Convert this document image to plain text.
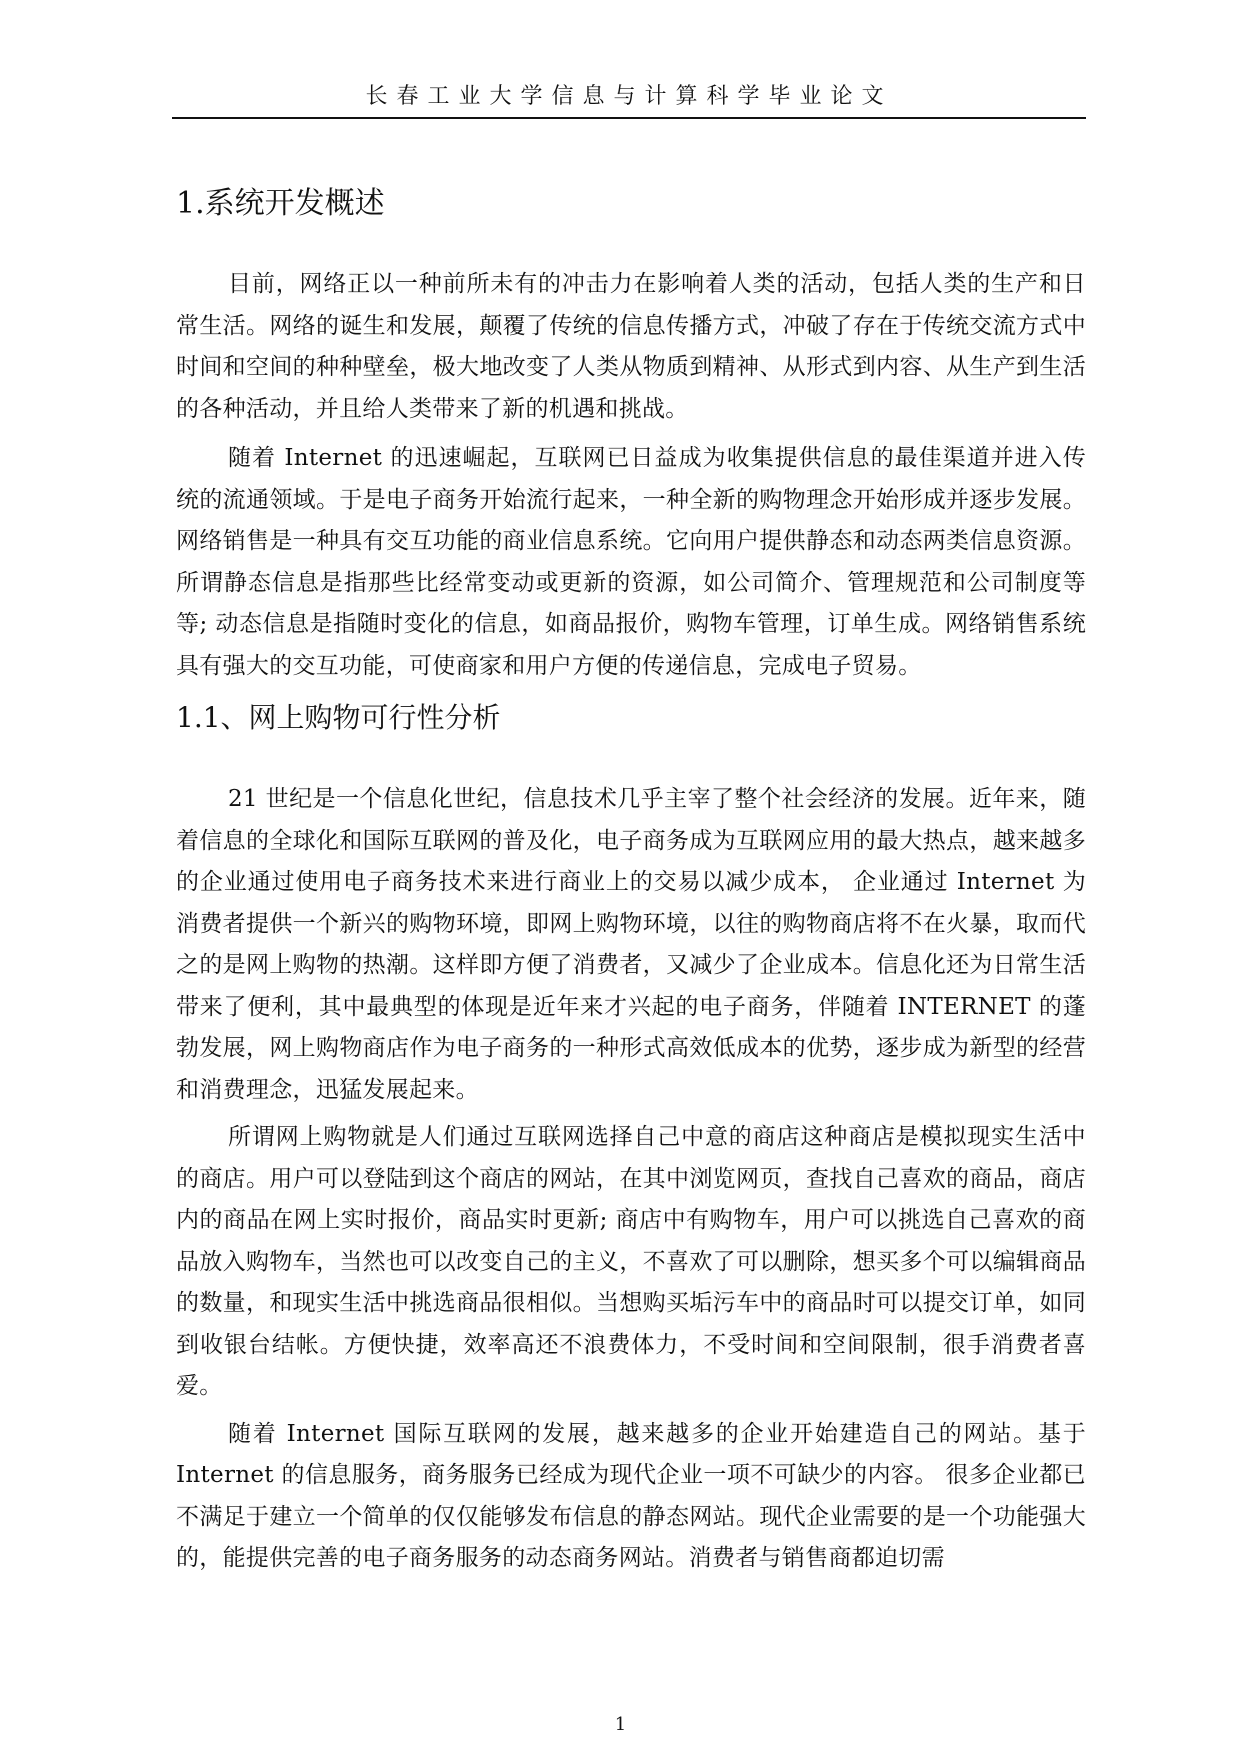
长春工业大学信息与计算科学毕业论文
1.系统开发概述

目前，网络正以一种前所未有的冲击力在影响着人类的活动，包括人类的生产和日常生活。网络的诞生和发展，颠覆了传统的信息传播方式，冲破了存在于传统交流方式中时间和空间的种种壁垒，极大地改变了人类从物质到精神、从形式到内容、从生产到生活的各种活动，并且给人类带来了新的机遇和挑战。

随着 Internet 的迅速崛起，互联网已日益成为收集提供信息的最佳渠道并进入传统的流通领域。于是电子商务开始流行起来，一种全新的购物理念开始形成并逐步发展。网络销售是一种具有交互功能的商业信息系统。它向用户提供静态和动态两类信息资源。所谓静态信息是指那些比经常变动或更新的资源，如公司简介、管理规范和公司制度等等; 动态信息是指随时变化的信息，如商品报价，购物车管理，订单生成。网络销售系统具有强大的交互功能，可使商家和用户方便的传递信息，完成电子贸易。

1.1、网上购物可行性分析

21 世纪是一个信息化世纪，信息技术几乎主宰了整个社会经济的发展。近年来，随着信息的全球化和国际互联网的普及化，电子商务成为互联网应用的最大热点，越来越多的企业通过使用电子商务技术来进行商业上的交易以减少成本， 企业通过 Internet 为消费者提供一个新兴的购物环境，即网上购物环境，以往的购物商店将不在火暴，取而代之的是网上购物的热潮。这样即方便了消费者，又减少了企业成本。信息化还为日常生活带来了便利，其中最典型的体现是近年来才兴起的电子商务，伴随着 INTERNET 的蓬勃发展，网上购物商店作为电子商务的一种形式高效低成本的优势，逐步成为新型的经营和消费理念，迅猛发展起来。

所谓网上购物就是人们通过互联网选择自己中意的商店这种商店是模拟现实生活中的商店。用户可以登陆到这个商店的网站，在其中浏览网页，查找自己喜欢的商品，商店内的商品在网上实时报价，商品实时更新; 商店中有购物车，用户可以挑选自己喜欢的商品放入购物车，当然也可以改变自己的主义，不喜欢了可以删除，想买多个可以编辑商品的数量，和现实生活中挑选商品很相似。当想购买垢污车中的商品时可以提交订单，如同到收银台结帐。方便快捷，效率高还不浪费体力，不受时间和空间限制，很手消费者喜爱。

随着 Internet 国际互联网的发展，越来越多的企业开始建造自己的网站。基于 Internet 的信息服务，商务服务已经成为现代企业一项不可缺少的内容。 很多企业都已不满足于建立一个简单的仅仅能够发布信息的静态网站。现代企业需要的是一个功能强大的，能提供完善的电子商务服务的动态商务网站。消费者与销售商都迫切需

1
